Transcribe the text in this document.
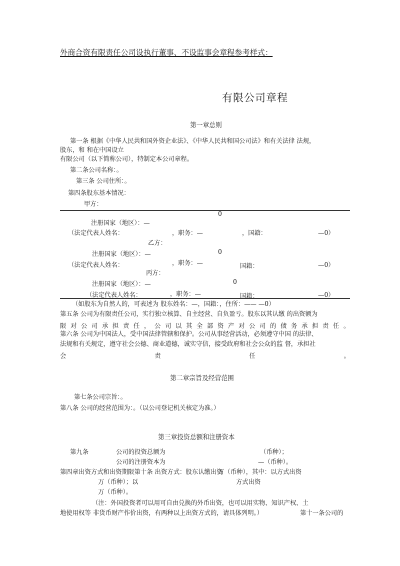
外商合资有限责任公司设执行董事、不设监事会章程参考样式：
有限公司章程
第一章总则
第一条 根据《中华人民共和国外资企业法》、《中华人民共和国公司法》和有关法律 法规，
股东，和 和在中国设立
有限公司（以下简称公司），特制定本公司章程。
第二条公司名称：。
第三条 公司住所：。
第四条股东基本情况：
甲方：
0
注册国家（地区）：—
（法定代表人姓名：	，职务：—	，国籍：	—0）
乙方：
注册国家（地区）：—	0
（法定代表人姓名：	，职务：—	国籍：	—0）
丙方：
注册国家（地区）：—	0
（法定代表人姓名：	，职务：—	国籍：	—0）
（如股东为自然人的，可表述为 股东姓名：—，国籍：，住所：—— —0）
第五条 公司为有限责任公司，实行独立核算、自主经营、自负盈亏。股东以其认缴 的出资额为
限 对 公 司 承 担 责 任 ， 公 司 以 其 全 部 资 产 对 公 司 的 债 务 承 担 责 任 。
第六条 公司为中国法人，受中国法律管辖和保护。公司从事经营活动，必须遵守中国 的法律、
法规和有关规定，遵守社会公德、商业道德，诚实守信，接受政府和社会公众的监 督，承担社
会	责	任	。
第二章宗旨及经营范围
第七条公司宗旨：。
第八条 公司的经营范围为：。（以公司登记机关核定为准。）
第三章投资总额和注册资本
第九条	公司的投资总额为	（币种）；
公司的注册资本为	—（币种）。
第四章出资方式和出资期限第十条 出资方式：股东认缴出资
万（币种），其中：以方式出资
万（币种）；以	方式出资
万（币种）。
（注：外国投资者可以用可自由兑换的外币出资，也可以用实物、知识产权、土
地使用权等 非货币财产作价出资，有两种以上出资方式的，请具体列明。）	第十一条公司的
